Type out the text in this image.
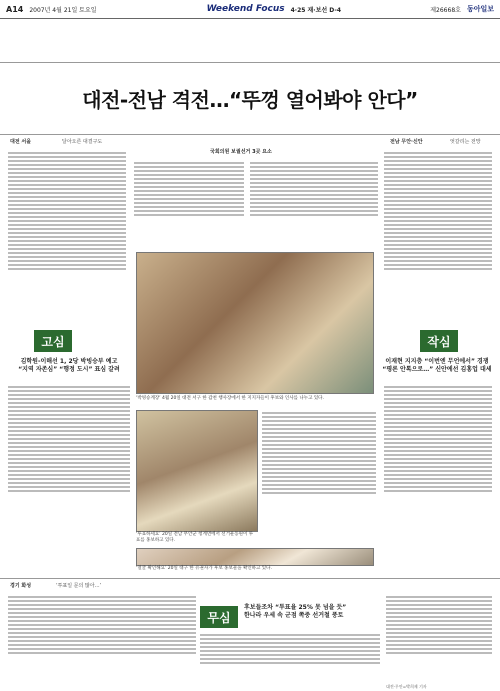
A14 2007년 4월 21일 토요일	Weekend Focus 4·25 재·보선 D-4	제26668호 동아일보
대전-전남 격전…“뚜껑 열어봐야 안다”
대전 서을	달아오른 대결구도	전남 무안·신안	엇갈리는 전망
국회의원 보궐선거 3곳 요소
‘박빙승계장’ 4월 20일 대전 서구 한 갑천 행사장에서 한 지지자들이 후보와 인사를 나누고 있다.
고심	작심
김학원-이해선 1, 2당 박빙승부 예고
“지역 자존심” “행정 도시” 표심 갈려
이재현 지지층 “이번엔 무언에서” 경쟁
“평론 안톡으로…” 신안에선 김홍업 대세
‘투표하세요’ 20일 전남 무안군 청계면에서 선거운동원이 투표를 홍보하고 있다.
‘얼굴 확인해요’ 20일 대구 한 유권자가 후보 홍보물을 확인하고 있다.
경기 화성	‘투표일 문의 많아…’
무심
후보들조차 “투표율 25% 못 넘을 듯”
한나라 우세 속 군점 쪽중 선거철 풍토
대전·무안=박희제 기자
